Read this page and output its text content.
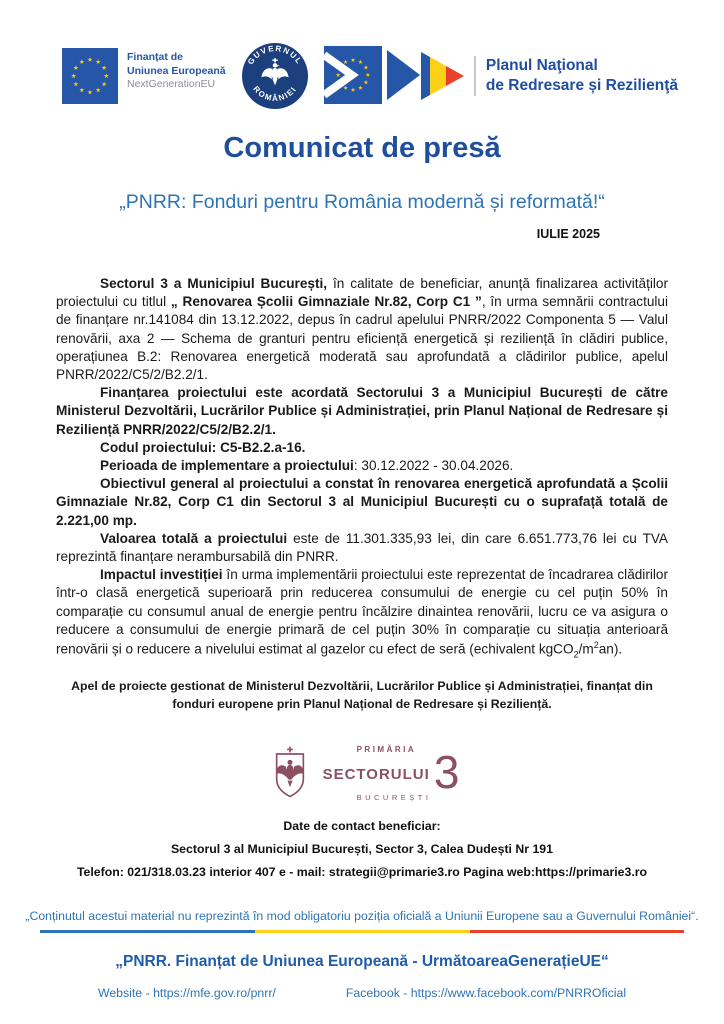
Finanțat de
Uniunea Europeană
NextGenerationEU
GUVERNUL
ROMÂNIEI
Planul Naţional
de Redresare și Rezilienţă
Comunicat de presă
„PNRR: Fonduri pentru România modernă și reformată!“
IULIE 2025

Sectorul 3 a Municipiul București, în calitate de beneficiar, anunță finalizarea activităților proiectului cu titlul „ Renovarea Școlii Gimnaziale Nr.82, Corp C1 ”, în urma semnării contractului de finanțare nr.141084 din 13.12.2022, depus în cadrul apelului PNRR/2022 Componenta 5 — Valul renovării, axa 2 — Schema de granturi pentru eficiență energetică și reziliență în clădiri publice, operațiunea B.2: Renovarea energetică moderată sau aprofundată a clădirilor publice, apelul PNRR/2022/C5/2/B2.2/1.

Finanțarea proiectului este acordată Sectorului 3 a Municipiul București de către Ministerul Dezvoltării, Lucrărilor Publice și Administrației, prin Planul Național de Redresare și Reziliență PNRR/2022/C5/2/B2.2/1.

Codul proiectului: C5-B2.2.a-16.

Perioada de implementare a proiectului: 30.12.2022 - 30.04.2026.

Obiectivul general al proiectului a constat în renovarea energetică aprofundată a Școlii Gimnaziale Nr.82, Corp C1 din Sectorul 3 al Municipiul București cu o suprafață totală de 2.221,00 mp.

Valoarea totală a proiectului este de 11.301.335,93 lei, din care 6.651.773,76 lei cu TVA reprezintă finanțare nerambursabilă din PNRR.

Impactul investiției în urma implementării proiectului este reprezentat de încadrarea clădirilor într-o clasă energetică superioară prin reducerea consumului de energie cu cel puțin 50% în comparație cu consumul anual de energie pentru încălzire dinaintea renovării, lucru ce va asigura o reducere a consumului de energie primară de cel puțin 30% în comparație cu situația anterioară renovării și o reducere a nivelului estimat al gazelor cu efect de seră (echivalent $kgCO_2/m^2an$).

Apel de proiecte gestionat de Ministerul Dezvoltării, Lucrărilor Publice și Administrației, finanțat din fonduri europene prin Planul Național de Redresare și Reziliență.
PRIMĂRIA
SECTORULUI 3
BUCUREȘTI
Date de contact beneficiar:
Sectorul 3 al Municipiul București, Sector 3, Calea Dudești Nr 191
Telefon: 021/318.03.23 interior 407 e - mail: strategii@primarie3.ro Pagina web:https://primarie3.ro
„Conținutul acestui material nu reprezintă în mod obligatoriu poziția oficială a Uniunii Europene sau a Guvernului României“.
„PNRR. Finanțat de Uniunea Europeană - UrmătoareaGenerațieUE“
Website - https://mfe.gov.ro/pnrr/	Facebook - https://www.facebook.com/PNRROficial
